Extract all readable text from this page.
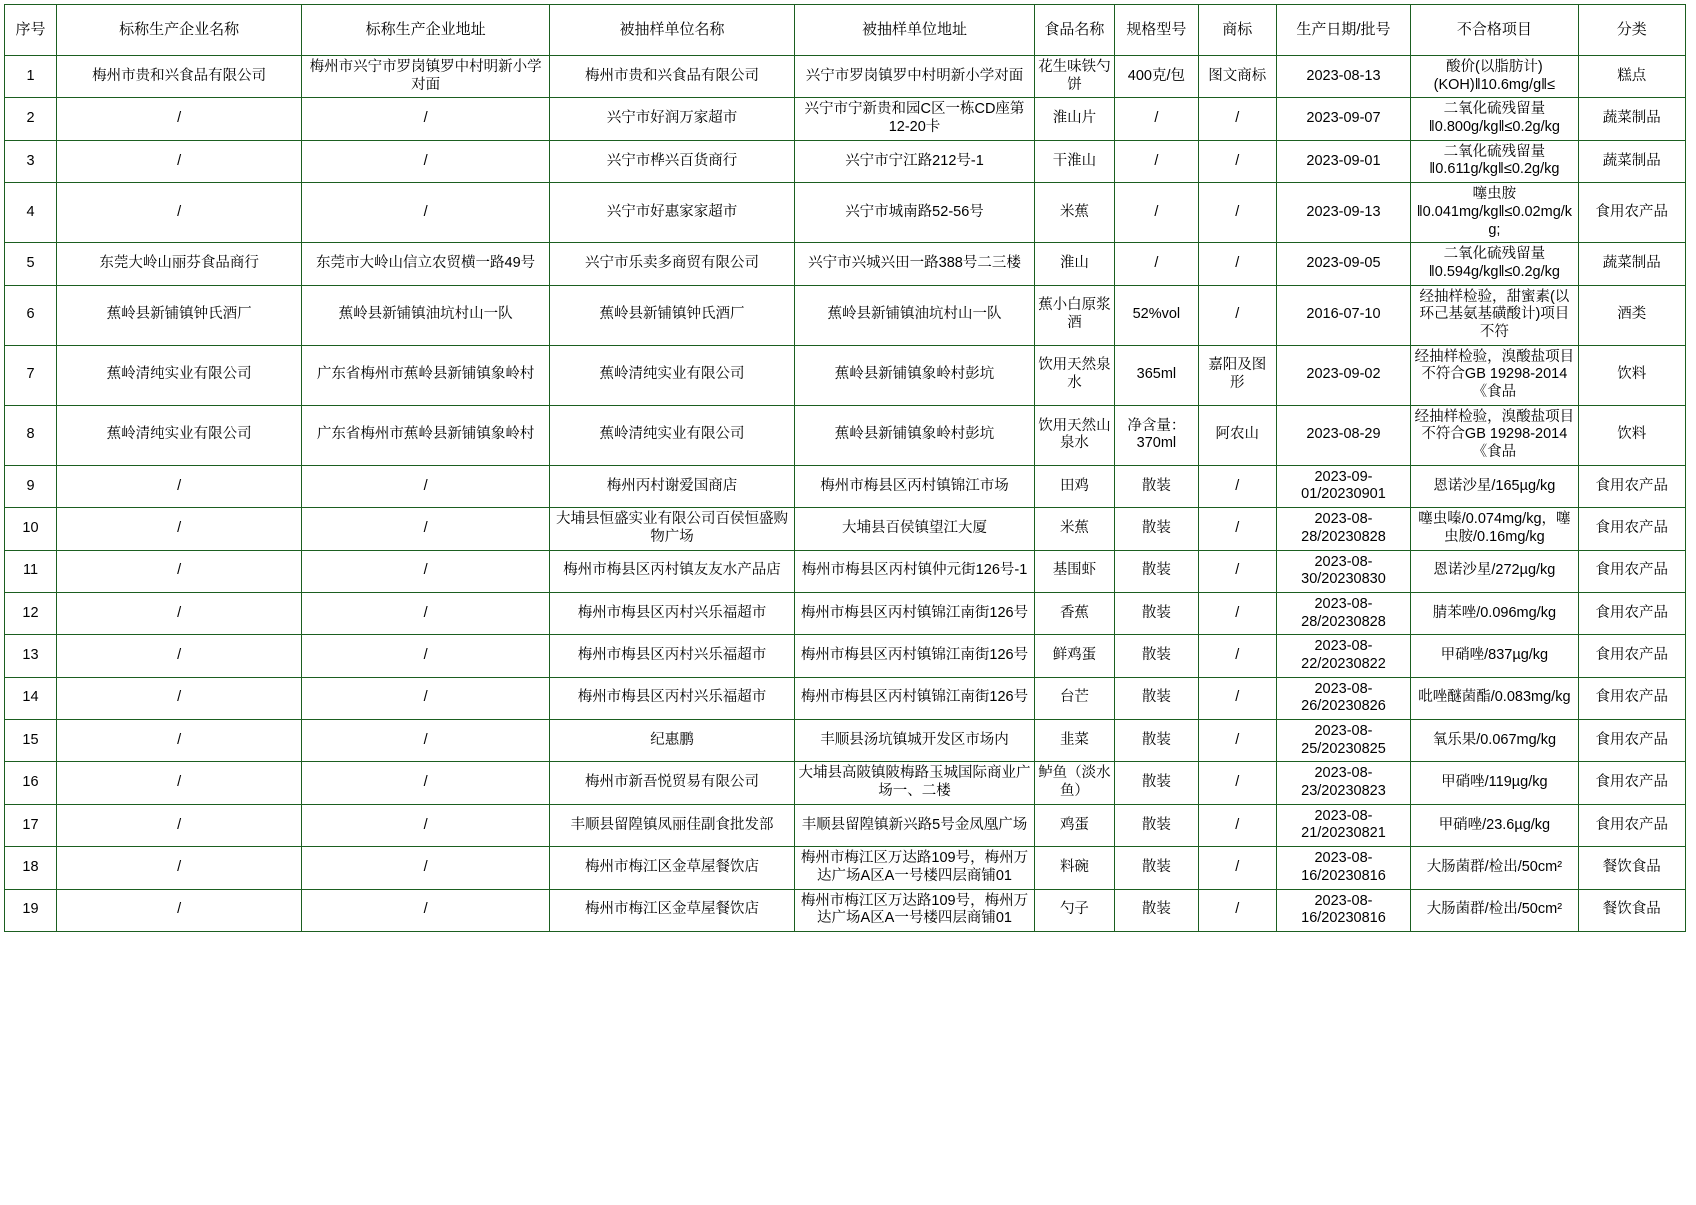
序号	标称生产企业名称	标称生产企业地址	被抽样单位名称	被抽样单位地址	食品名称	规格型号	商标	生产日期/批号	不合格项目	分类
1	梅州市贵和兴食品有限公司	梅州市兴宁市罗岗镇罗中村明新小学对面	梅州市贵和兴食品有限公司	兴宁市罗岗镇罗中村明新小学对面	花生味铁勺饼	400克/包	图文商标	2023-08-13	酸价(以脂肪计)(KOH)‖10.6mg/g‖≤	糕点
2	/	/	兴宁市好润万家超市	兴宁市宁新贵和园C区一栋CD座第12-20卡	淮山片	/	/	2023-09-07	二氧化硫残留量‖0.800g/kg‖≤0.2g/kg	蔬菜制品
3	/	/	兴宁市桦兴百货商行	兴宁市宁江路212号-1	干淮山	/	/	2023-09-01	二氧化硫残留量‖0.611g/kg‖≤0.2g/kg	蔬菜制品
4	/	/	兴宁市好惠家家超市	兴宁市城南路52-56号	米蕉	/	/	2023-09-13	噻虫胺‖0.041mg/kg‖≤0.02mg/kg;	食用农产品
5	东莞大岭山丽芬食品商行	东莞市大岭山信立农贸横一路49号	兴宁市乐卖多商贸有限公司	兴宁市兴城兴田一路388号二三楼	淮山	/	/	2023-09-05	二氧化硫残留量‖0.594g/kg‖≤0.2g/kg	蔬菜制品
6	蕉岭县新铺镇钟氏酒厂	蕉岭县新铺镇油坑村山一队	蕉岭县新铺镇钟氏酒厂	蕉岭县新铺镇油坑村山一队	蕉小白原浆酒	52%vol	/	2016-07-10	经抽样检验，甜蜜素(以环己基氨基磺酸计)项目不符	酒类
7	蕉岭清纯实业有限公司	广东省梅州市蕉岭县新铺镇象岭村	蕉岭清纯实业有限公司	蕉岭县新铺镇象岭村彭坑	饮用天然泉水	365ml	嘉阳及图形	2023-09-02	经抽样检验，溴酸盐项目不符合GB 19298-2014《食品	饮料
8	蕉岭清纯实业有限公司	广东省梅州市蕉岭县新铺镇象岭村	蕉岭清纯实业有限公司	蕉岭县新铺镇象岭村彭坑	饮用天然山泉水	净含量：370ml	阿农山	2023-08-29	经抽样检验，溴酸盐项目不符合GB 19298-2014《食品	饮料
9	/	/	梅州丙村谢爱国商店	梅州市梅县区丙村镇锦江市场	田鸡	散装	/	2023-09-01/20230901	恩诺沙星/165µg/kg	食用农产品
10	/	/	大埔县恒盛实业有限公司百侯恒盛购物广场	大埔县百侯镇望江大厦	米蕉	散装	/	2023-08-28/20230828	噻虫嗪/0.074mg/kg，噻虫胺/0.16mg/kg	食用农产品
11	/	/	梅州市梅县区丙村镇友友水产品店	梅州市梅县区丙村镇仲元街126号-1	基围虾	散装	/	2023-08-30/20230830	恩诺沙星/272µg/kg	食用农产品
12	/	/	梅州市梅县区丙村兴乐福超市	梅州市梅县区丙村镇锦江南街126号	香蕉	散装	/	2023-08-28/20230828	腈苯唑/0.096mg/kg	食用农产品
13	/	/	梅州市梅县区丙村兴乐福超市	梅州市梅县区丙村镇锦江南街126号	鲜鸡蛋	散装	/	2023-08-22/20230822	甲硝唑/837µg/kg	食用农产品
14	/	/	梅州市梅县区丙村兴乐福超市	梅州市梅县区丙村镇锦江南街126号	台芒	散装	/	2023-08-26/20230826	吡唑醚菌酯/0.083mg/kg	食用农产品
15	/	/	纪惠鹏	丰顺县汤坑镇城开发区市场内	韭菜	散装	/	2023-08-25/20230825	氧乐果/0.067mg/kg	食用农产品
16	/	/	梅州市新吾悦贸易有限公司	大埔县高陂镇陂梅路玉城国际商业广场一、二楼	鲈鱼（淡水鱼）	散装	/	2023-08-23/20230823	甲硝唑/119µg/kg	食用农产品
17	/	/	丰顺县留隍镇凤丽佳副食批发部	丰顺县留隍镇新兴路5号金凤凰广场	鸡蛋	散装	/	2023-08-21/20230821	甲硝唑/23.6µg/kg	食用农产品
18	/	/	梅州市梅江区金草屋餐饮店	梅州市梅江区万达路109号，梅州万达广场A区A一号楼四层商铺01	料碗	散装	/	2023-08-16/20230816	大肠菌群/检出/50cm²	餐饮食品
19	/	/	梅州市梅江区金草屋餐饮店	梅州市梅江区万达路109号，梅州万达广场A区A一号楼四层商铺01	勺子	散装	/	2023-08-16/20230816	大肠菌群/检出/50cm²	餐饮食品
